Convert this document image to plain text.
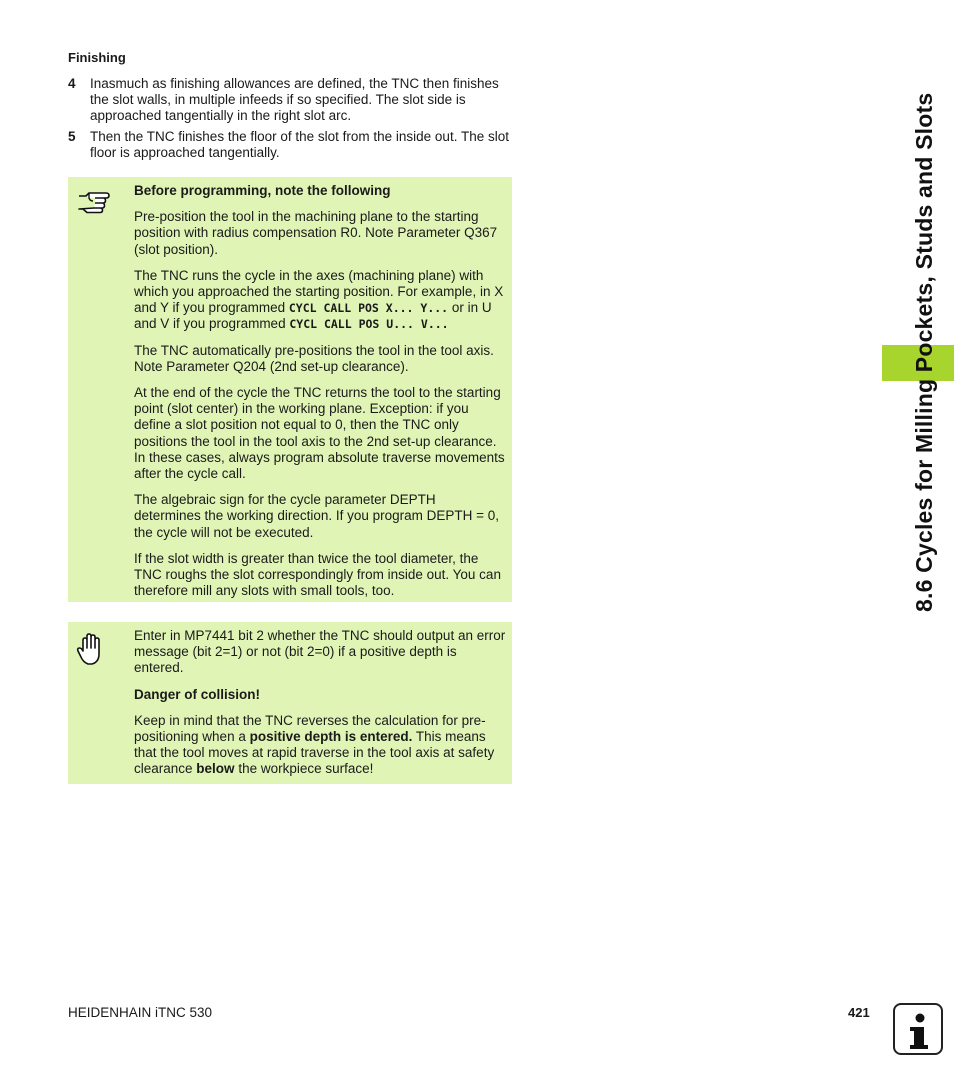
Finishing
4 Inasmuch as finishing allowances are defined, the TNC then finishes the slot walls, in multiple infeeds if so specified. The slot side is approached tangentially in the right slot arc.
5 Then the TNC finishes the floor of the slot from the inside out. The slot floor is approached tangentially.

Before programming, note the following

Pre-position the tool in the machining plane to the starting position with radius compensation R0. Note Parameter Q367 (slot position).

The TNC runs the cycle in the axes (machining plane) with which you approached the starting position. For example, in X and Y if you programmed CYCL CALL POS X... Y... or in U and V if you programmed CYCL CALL POS U... V...

The TNC automatically pre-positions the tool in the tool axis. Note Parameter Q204 (2nd set-up clearance).

At the end of the cycle the TNC returns the tool to the starting point (slot center) in the working plane. Exception: if you define a slot position not equal to 0, then the TNC only positions the tool in the tool axis to the 2nd set-up clearance. In these cases, always program absolute traverse movements after the cycle call.

The algebraic sign for the cycle parameter DEPTH determines the working direction. If you program DEPTH = 0, the cycle will not be executed.

If the slot width is greater than twice the tool diameter, the TNC roughs the slot correspondingly from inside out. You can therefore mill any slots with small tools, too.

Enter in MP7441 bit 2 whether the TNC should output an error message (bit 2=1) or not (bit 2=0) if a positive depth is entered.

Danger of collision!

Keep in mind that the TNC reverses the calculation for pre-positioning when a positive depth is entered. This means that the tool moves at rapid traverse in the tool axis at safety clearance below the workpiece surface!

8.6 Cycles for Milling Pockets, Studs and Slots
HEIDENHAIN iTNC 530	421
